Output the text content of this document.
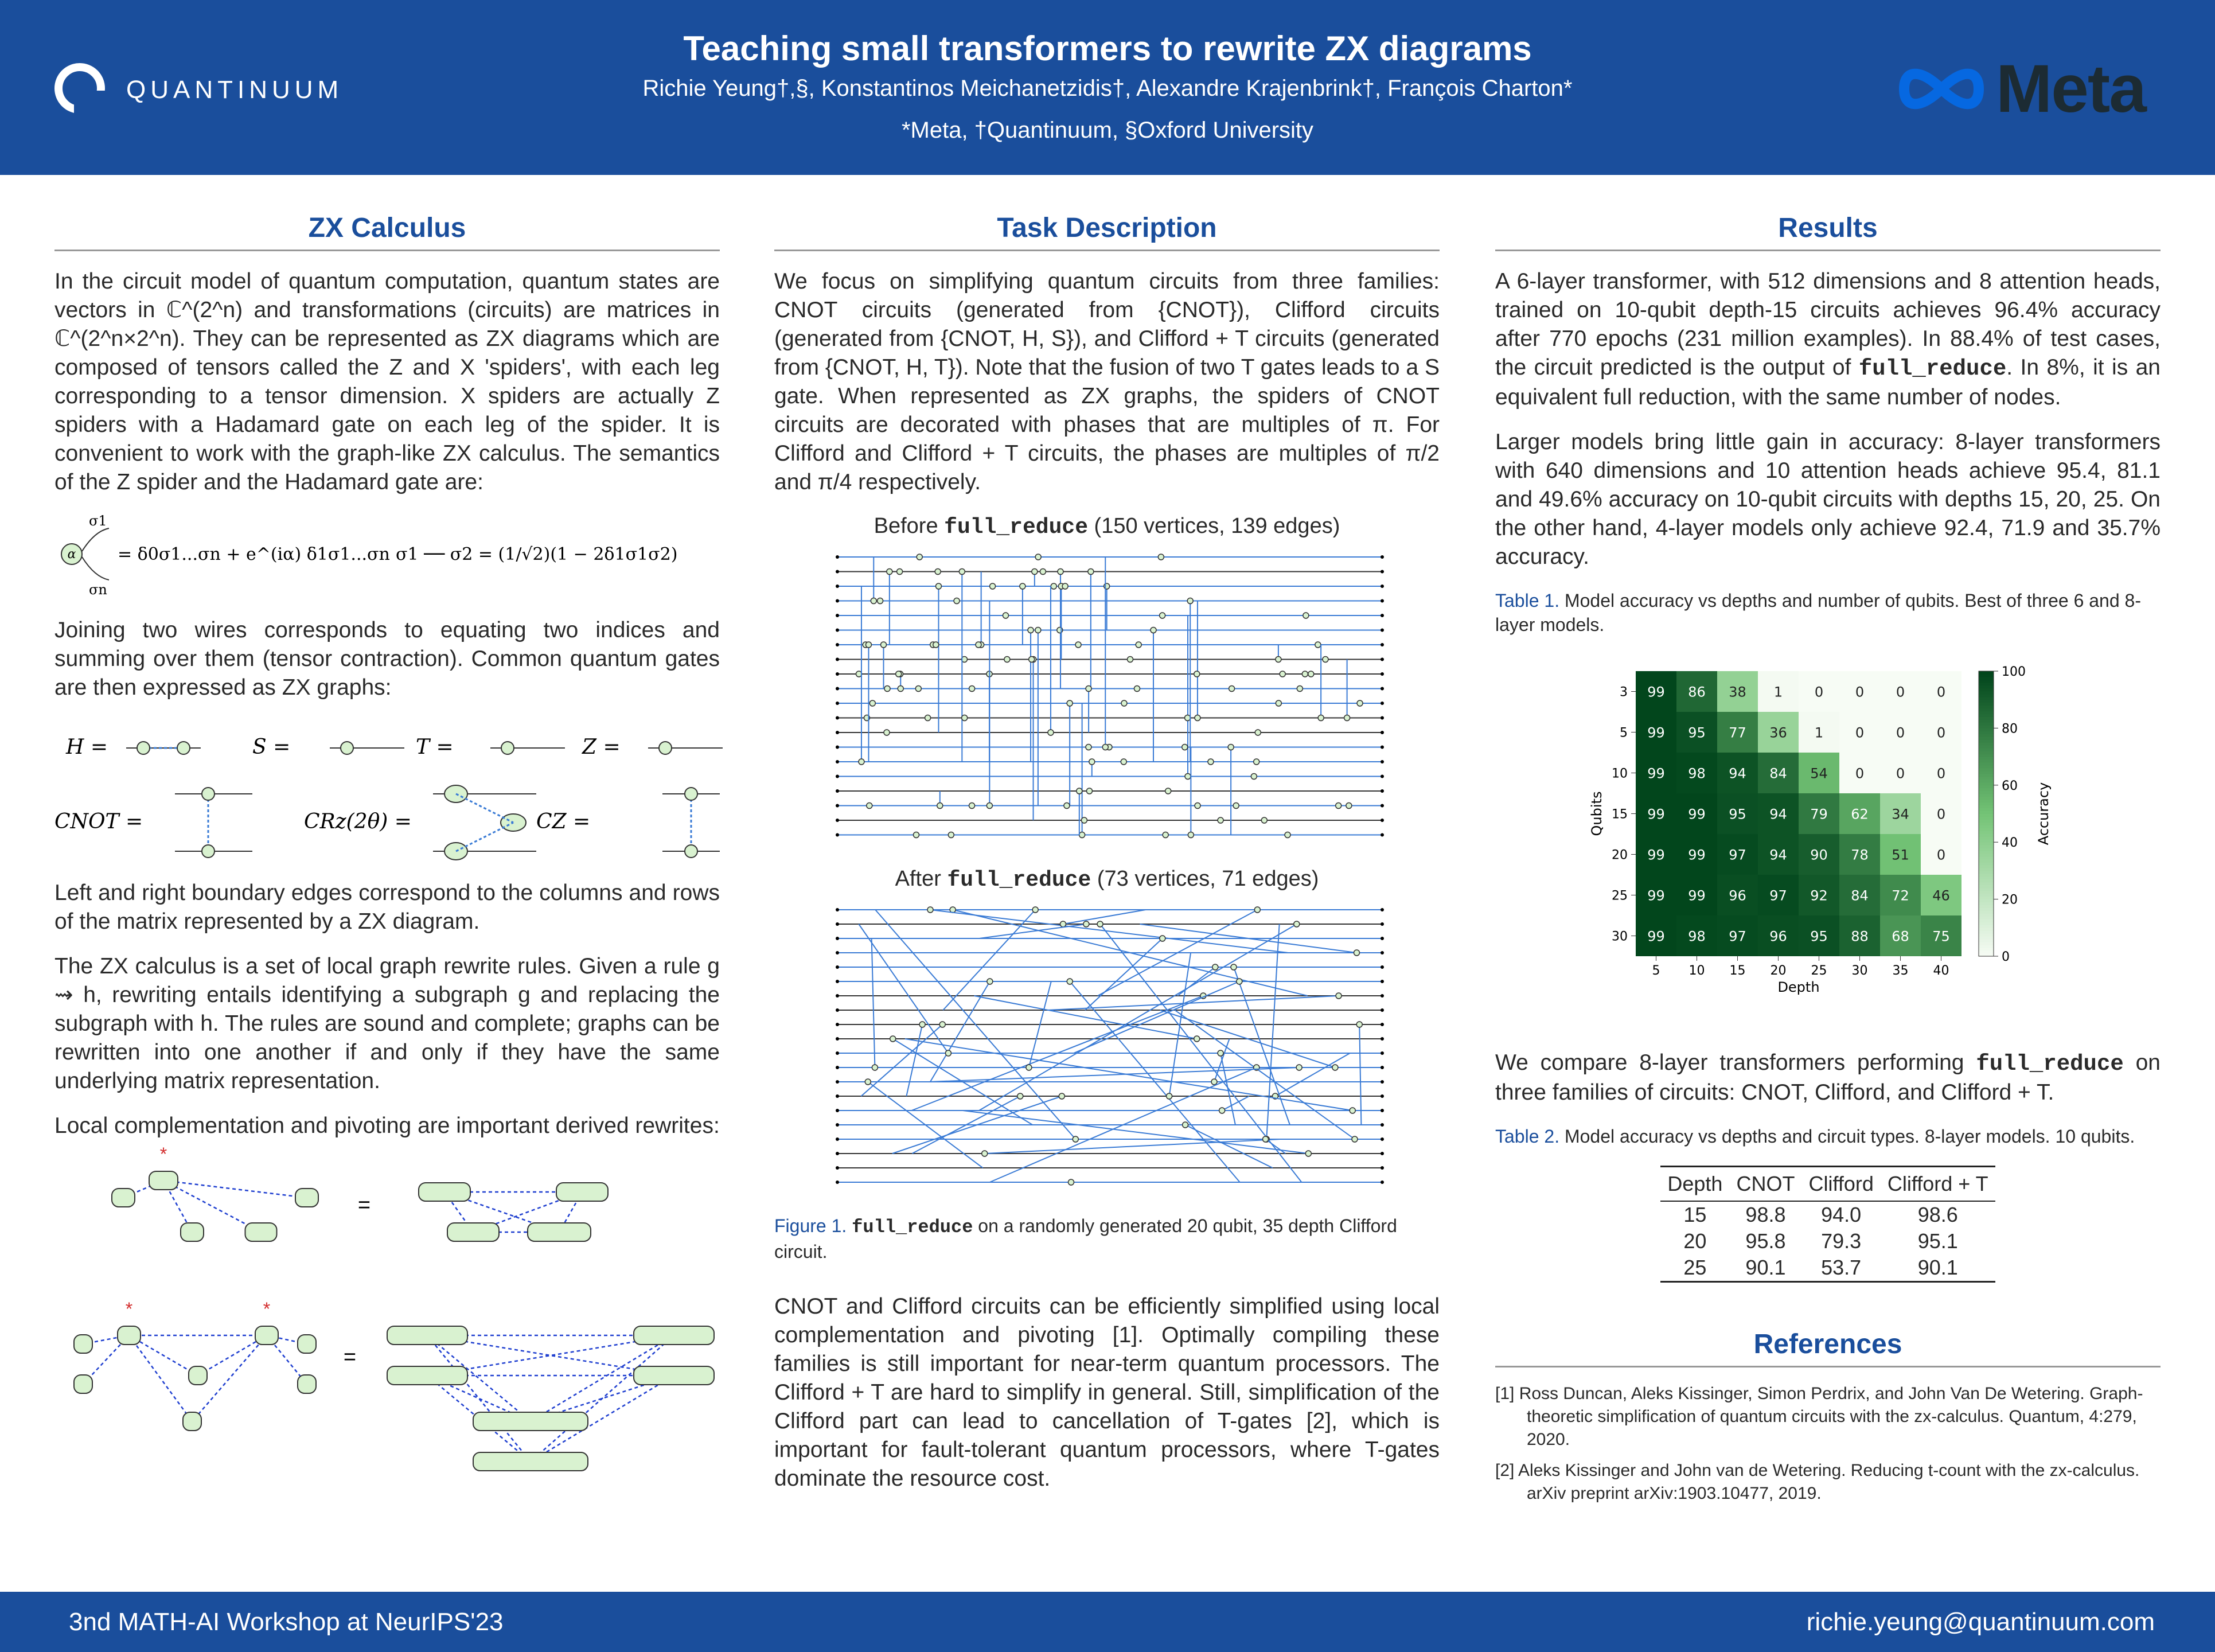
QUANTINUUM
Teaching small transformers to rewrite ZX diagrams
Richie Yeung†,§, Konstantinos Meichanetzidis†, Alexandre Krajenbrink†, François Charton*
*Meta, †Quantinuum, §Oxford University
Meta
ZX Calculus

In the circuit model of quantum computation, quantum states are vectors in ℂ^(2^n) and transformations (circuits) are matrices in ℂ^(2^n×2^n). They can be represented as ZX diagrams which are composed of tensors called the Z and X 'spiders', with each leg corresponding to a tensor dimension. X spiders are actually Z spiders with a Hadamard gate on each leg of the spider. It is convenient to work with the graph-like ZX calculus. The semantics of the Z spider and the Hadamard gate are:

α
σ1
σn
= δ0σ1...σn + e^(iα) δ1σ1...σn σ1 ── σ2 = (1/√2)(1 − 2δ1σ1σ2)

Joining two wires corresponds to equating two indices and summing over them (tensor contraction). Common quantum gates are then expressed as ZX graphs:

H =	S =	T =	Z =
CNOT =	CRz(2θ) =	CZ =

Left and right boundary edges correspond to the columns and rows of the matrix represented by a ZX diagram.

The ZX calculus is a set of local graph rewrite rules. Given a rule g ⇝ h, rewriting entails identifying a subgraph g and replacing the subgraph with h. The rules are sound and complete; graphs can be rewritten into one another if and only if they have the same underlying matrix representation.

Local complementation and pivoting are important derived rewrites:

*
=
*	*
=
Task Description

We focus on simplifying quantum circuits from three families: CNOT circuits (generated from {CNOT}), Clifford circuits (generated from {CNOT, H, S}), and Clifford + T circuits (generated from {CNOT, H, T}). Note that the fusion of two T gates leads to a S gate. When represented as ZX graphs, the spiders of CNOT circuits are decorated with phases that are multiples of π. For Clifford and Clifford + T circuits, the phases are multiples of π/2 and π/4 respectively.

Before full_reduce (150 vertices, 139 edges)
After full_reduce (73 vertices, 71 edges)
Figure 1. full_reduce on a randomly generated 20 qubit, 35 depth Clifford circuit.

CNOT and Clifford circuits can be efficiently simplified using local complementation and pivoting [1]. Optimally compiling these families is still important for near-term quantum processors. The Clifford + T are hard to simplify in general. Still, simplification of the Clifford part can lead to cancellation of T-gates [2], which is important for fault-tolerant quantum processors, where T-gates dominate the resource cost.

Results

A 6-layer transformer, with 512 dimensions and 8 attention heads, trained on 10-qubit depth-15 circuits achieves 96.4% accuracy after 770 epochs (231 million examples). In 88.4% of test cases, the circuit predicted is the output of full_reduce. In 8%, it is an equivalent full reduction, with the same number of nodes.

Larger models bring little gain in accuracy: 8-layer transformers with 640 dimensions and 10 attention heads achieve 95.4, 81.1 and 49.6% accuracy on 10-qubit circuits with depths 15, 20, 25. On the other hand, 4-layer models only achieve 92.4, 71.9 and 35.7% accuracy.

Table 1. Model accuracy vs depths and number of qubits. Best of three 6 and 8-layer models.
99 86 38 1 0 0 0 0
99 95 77 36 1 0 0 0
99 98 94 84 54 0 0 0
99 99 95 94 79 62 34 0
99 99 97 94 90 78 51 0
99 99 96 97 92 84 72 46
99 98 97 96 95 88 68 75
3
5
10
15
20
25
30
5 10 15 20 25 30 35 40
Depth
Qubits
0
20
40
60
80
100
Accuracy

We compare 8-layer transformers performing full_reduce on three families of circuits: CNOT, Clifford, and Clifford + T.

Table 2. Model accuracy vs depths and circuit types. 8-layer models. 10 qubits.
Depth	CNOT	Clifford	Clifford + T
15	98.8	94.0	98.6
20	95.8	79.3	95.1
25	90.1	53.7	90.1
References
[1] Ross Duncan, Aleks Kissinger, Simon Perdrix, and John Van De Wetering. Graph-theoretic simplification of quantum circuits with the zx-calculus. Quantum, 4:279, 2020.
[2] Aleks Kissinger and John van de Wetering. Reducing t-count with the zx-calculus. arXiv preprint arXiv:1903.10477, 2019.
3nd MATH-AI Workshop at NeurIPS'23	richie.yeung@quantinuum.com
